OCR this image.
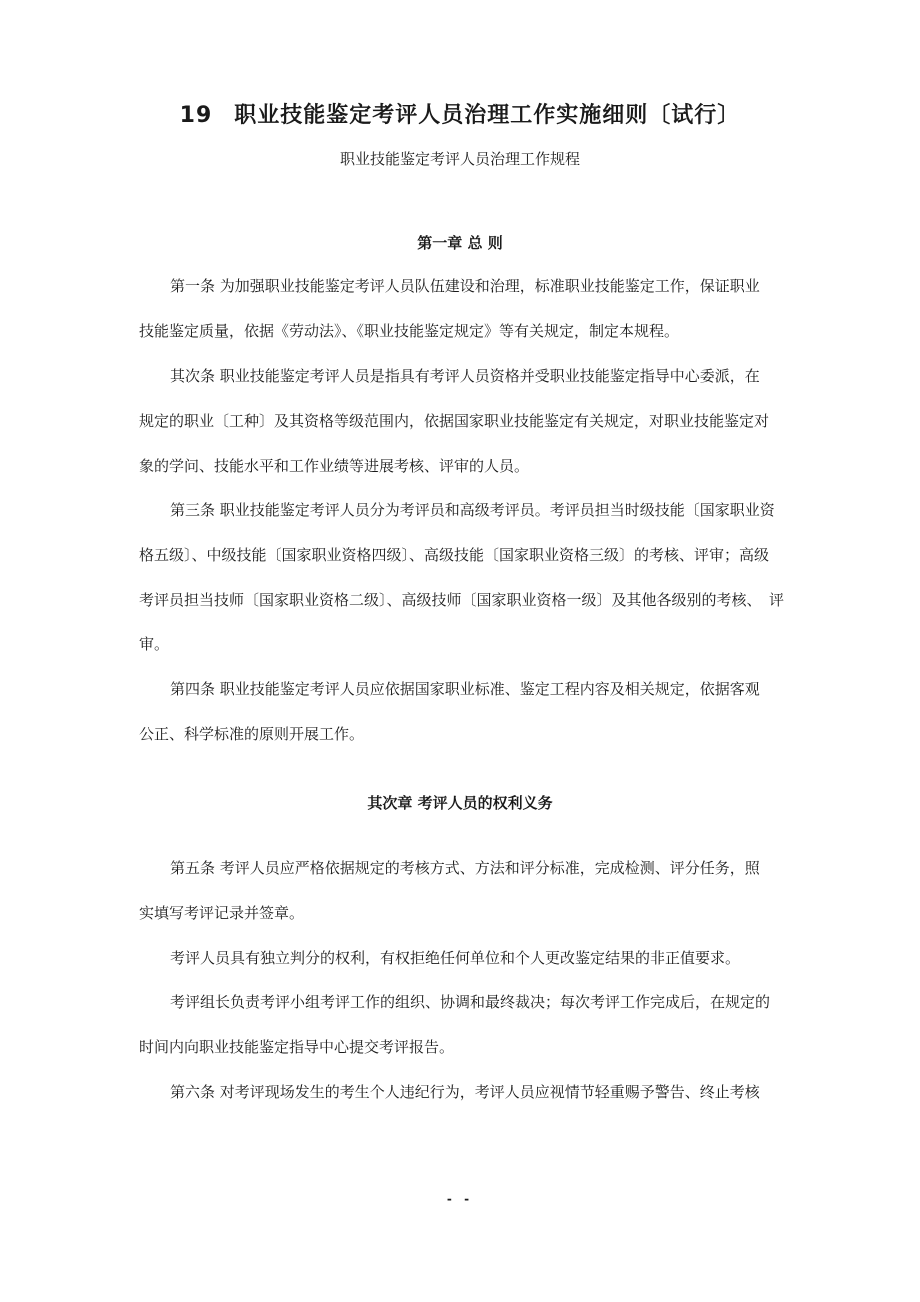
19 职业技能鉴定考评人员治理工作实施细则〔试行〕
职业技能鉴定考评人员治理工作规程
第一章 总 则
第一条 为加强职业技能鉴定考评人员队伍建设和治理，标准职业技能鉴定工作，保证职业
技能鉴定质量，依据《劳动法》、《职业技能鉴定规定》等有关规定，制定本规程。
其次条 职业技能鉴定考评人员是指具有考评人员资格并受职业技能鉴定指导中心委派，在
规定的职业〔工种〕及其资格等级范围内，依据国家职业技能鉴定有关规定，对职业技能鉴定对
象的学问、技能水平和工作业绩等进展考核、评审的人员。
第三条 职业技能鉴定考评人员分为考评员和高级考评员。考评员担当时级技能〔国家职业资
格五级〕、中级技能〔国家职业资格四级〕、高级技能〔国家职业资格三级〕的考核、评审；高级
考评员担当技师〔国家职业资格二级〕、高级技师〔国家职业资格一级〕及其他各级别的考核、　评
审。
第四条 职业技能鉴定考评人员应依据国家职业标准、鉴定工程内容及相关规定，依据客观
公正、科学标准的原则开展工作。
其次章 考评人员的权利义务
第五条 考评人员应严格依据规定的考核方式、方法和评分标准，完成检测、评分任务，照
实填写考评记录并签章。
考评人员具有独立判分的权利，有权拒绝任何单位和个人更改鉴定结果的非正值要求。
考评组长负责考评小组考评工作的组织、协调和最终裁决；每次考评工作完成后，在规定的
时间内向职业技能鉴定指导中心提交考评报告。
第六条 对考评现场发生的考生个人违纪行为，考评人员应视情节轻重赐予警告、终止考核
- -
